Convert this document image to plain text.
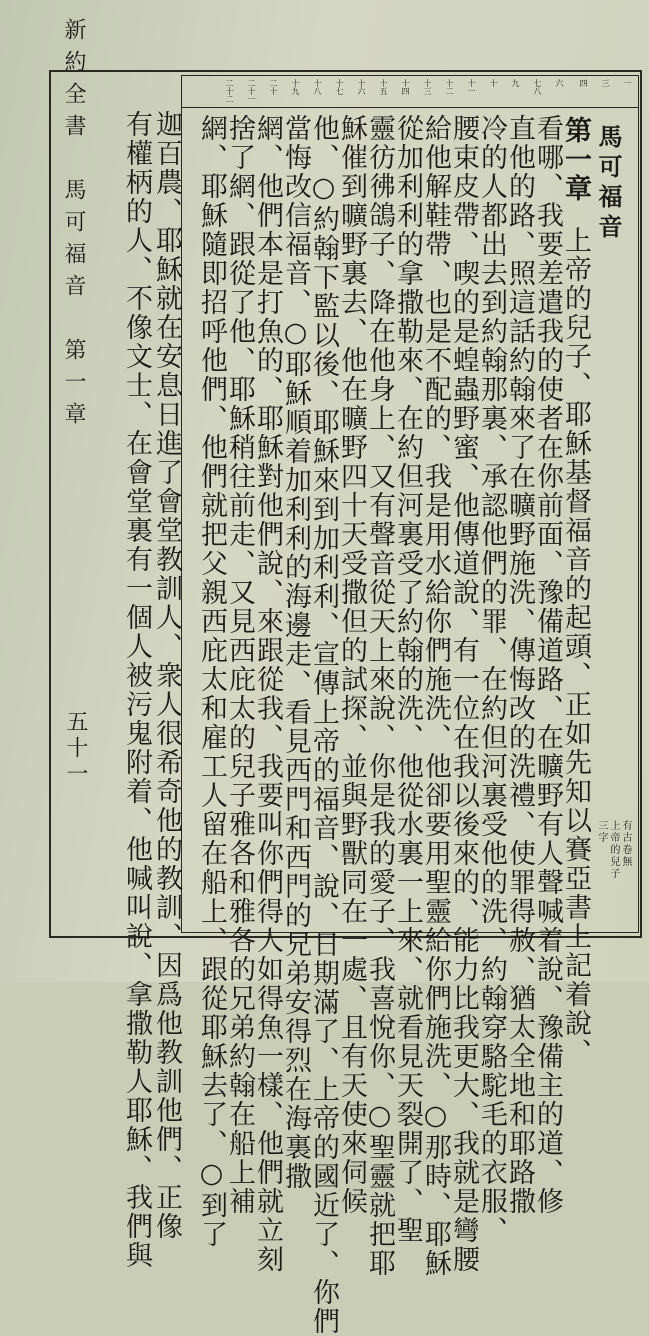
新約全書　馬可福音　第一章
五十一
一
三
四
六
七八
九
十
十一
十二
十三
十四
十五
十六
十七
十八
十九
二十
二十一
二十二
馬可福音
第一章
上帝的兒子、耶穌基督福音的起頭、正如先知以賽亞書上記着說、
看哪、我要差遣我的使者在你前面、豫備道路、在曠野有人聲喊着說、豫備主的道、修
直他的路、照這話約翰來了在曠野施洗、傳悔改的洗禮、使罪得赦、猶太全地和耶路撒
冷的人都出去到約翰那裏、承認他們的罪、在約但河裏受他的洗、約翰穿駱駝毛的衣服、
腰束皮帶、喫的是蝗蟲野蜜、他傳道說、有一位在我以後來的、能力比我更大、我就是彎腰
給他解鞋帶、也是不配的、我是用水給你們施洗、他卻要用聖靈給你們施洗、○那時、耶穌
從加利利的拿撒勒來、在約但河裏受了約翰的洗、他從水裏一上來、就看見天裂開了、聖
靈彷彿鴿子、降在他身上、又有聲音從天上來說、你是我的愛子、我喜悅你、○聖靈就把耶
穌催到曠野裏去、他在曠野四十天受撒但的試探、並與野獸同在一處、且有天使來伺候
他、○約翰下監以後、耶穌來到加利利、宣傳上帝的福音、說、日期滿了、上帝的國近了、你們
當悔改信福音、○耶穌順着加利利的海邊走、看見西門和西門的兄弟安得烈在海裏撒
網、他們本是打魚的、耶穌對他們說、來跟從我、我要叫你們得人如得魚一樣、他們就立刻
捨了網、跟從了他、耶穌稍往前走、又見西庇太的兒子雅各和雅各的兄弟約翰在船上補
網、耶穌隨即招呼他們、他們就把父親西庇太和雇工人留在船上、跟從耶穌去了、○到了
迦百農、耶穌就在安息日進了會堂教訓人、衆人很希奇他的教訓、因爲他教訓他們、正像
有權柄的人、不像文士、在會堂裏有一個人被污鬼附着、他喊叫說、拿撒勒人耶穌、我們與	有古卷無
上帝的兒子
三字
